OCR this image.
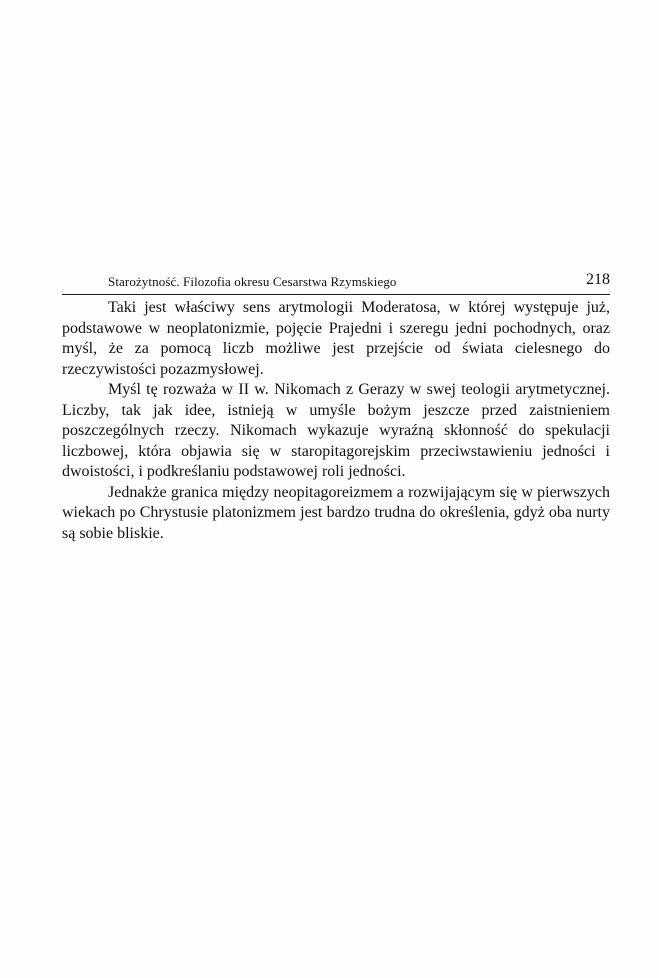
Starożytność. Filozofia okresu Cesarstwa Rzymskiego	218

Taki jest właściwy sens arytmologii Moderatosa, w której występuje już, podstawowe w neoplatonizmie, pojęcie Prajedni i szeregu jedni pochodnych, oraz myśl, że za pomocą liczb możliwe jest przejście od świata cielesnego do rzeczywistości pozazmysłowej.

Myśl tę rozważa w II w. Nikomach z Gerazy w swej teologii arytmetycznej. Liczby, tak jak idee, istnieją w umyśle bożym jeszcze przed zaistnieniem poszczególnych rzeczy. Nikomach wykazuje wyraźną skłonność do spekulacji liczbowej, która objawia się w staropitagorejskim przeciwstawieniu jedności i dwoistości, i podkreślaniu podstawowej roli jedności.

Jednakże granica między neopitagoreizmem a rozwijającym się w pierwszych wiekach po Chrystusie platonizmem jest bardzo trudna do określenia, gdyż oba nurty są sobie bliskie.
